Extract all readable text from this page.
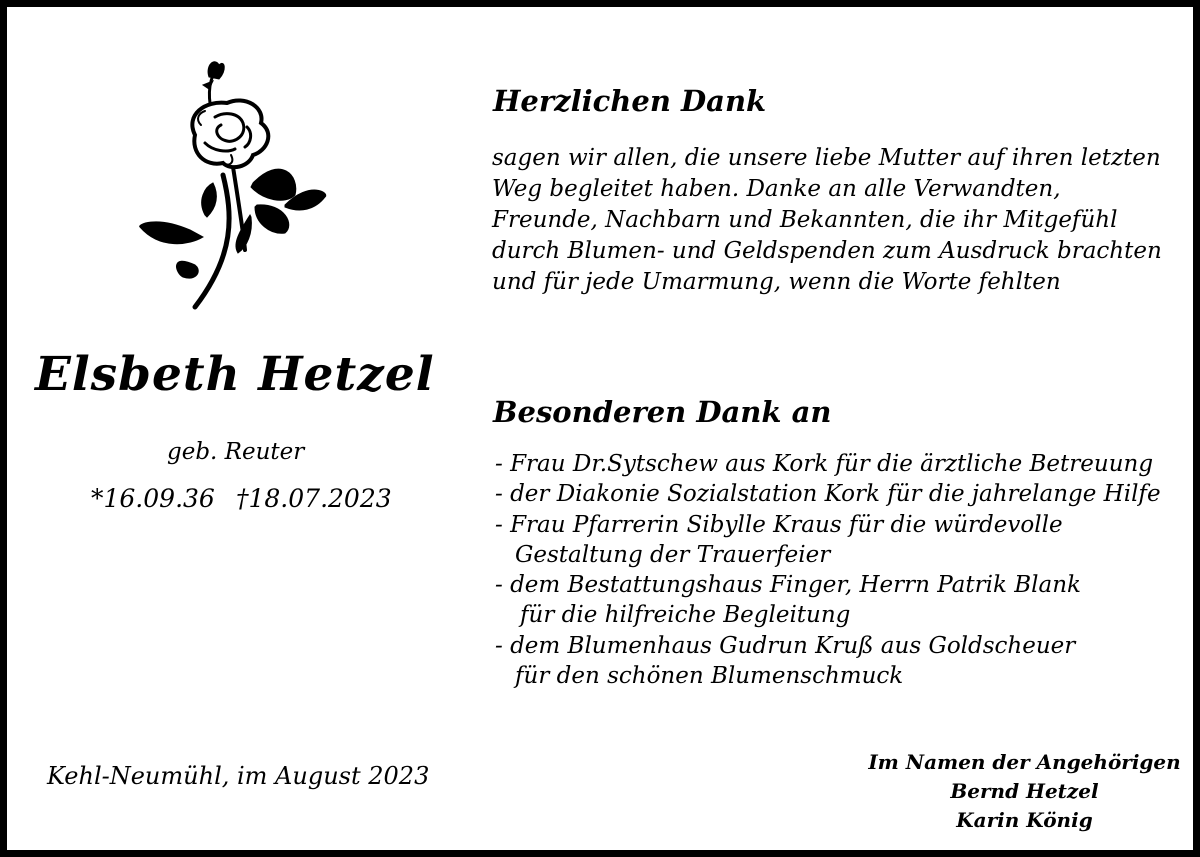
Elsbeth Hetzel
geb. Reuter
*16.09.36 †18.07.2023
Kehl-Neumühl, im August 2023
Herzlichen Dank
sagen wir allen, die unsere liebe Mutter auf ihren letzten
Weg begleitet haben. Danke an alle Verwandten,
Freunde, Nachbarn und Bekannten, die ihr Mitgefühl
durch Blumen- und Geldspenden zum Ausdruck brachten
und für jede Umarmung, wenn die Worte fehlten
Besonderen Dank an
- Frau Dr.Sytschew aus Kork für die ärztliche Betreuung
- der Diakonie Sozialstation Kork für die jahrelange Hilfe
- Frau Pfarrerin Sibylle Kraus für die würdevolle
Gestaltung der Trauerfeier
- dem Bestattungshaus Finger, Herrn Patrik Blank
für die hilfreiche Begleitung
- dem Blumenhaus Gudrun Kruß aus Goldscheuer
für den schönen Blumenschmuck
Im Namen der Angehörigen
Bernd Hetzel
Karin König
